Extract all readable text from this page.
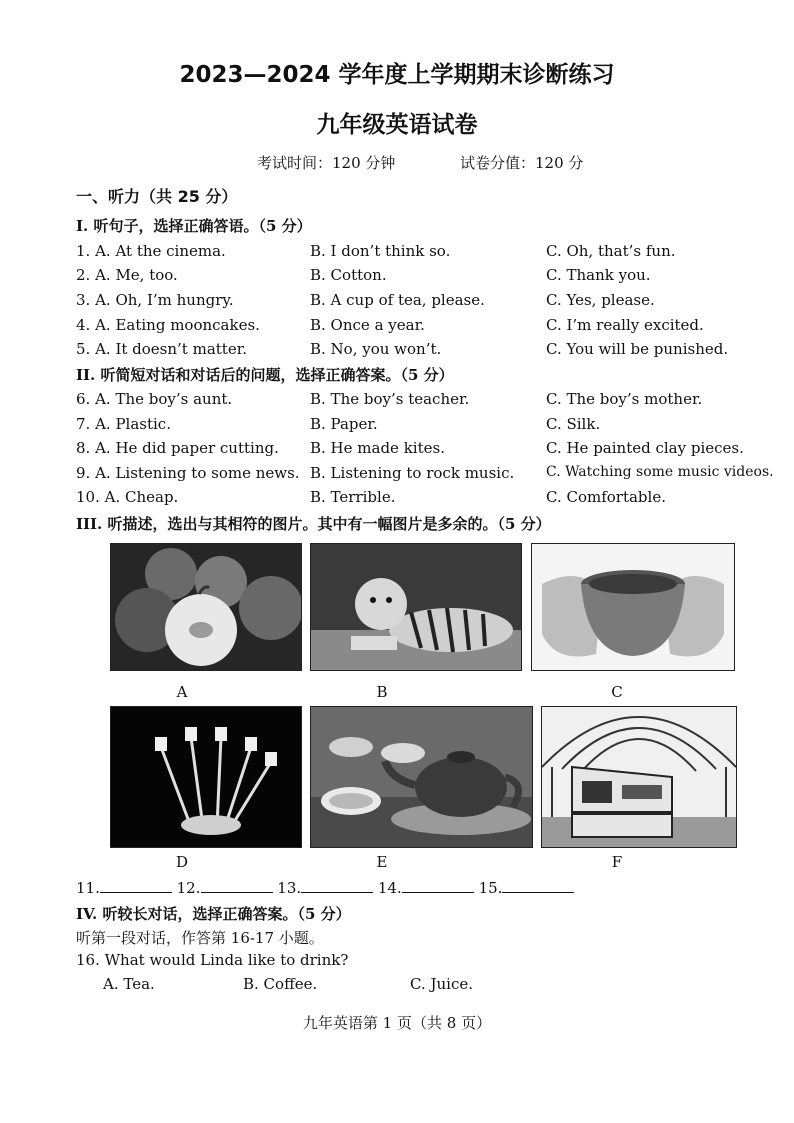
2023—2024 学年度上学期期末诊断练习
九年级英语试卷
考试时间：120 分钟	试卷分值：120 分
一、听力（共 25 分）
I. 听句子，选择正确答语。（5 分）
1. A. At the cinema.	B. I don’t think so.	C. Oh, that’s fun.
2. A. Me, too.	B. Cotton.	C. Thank you.
3. A. Oh, I’m hungry.	B. A cup of tea, please.	C. Yes, please.
4. A. Eating mooncakes.	B. Once a year.	C. I’m really excited.
5. A. It doesn’t matter.	B. No, you won’t.	C. You will be punished.
II. 听简短对话和对话后的问题，选择正确答案。（5 分）
6. A. The boy’s aunt.	B. The boy’s teacher.	C. The boy’s mother.
7. A. Plastic.	B. Paper.	C. Silk.
8. A. He did paper cutting. B. He made kites.	C. He painted clay pieces.
9. A. Listening to some news. B. Listening to rock music. C. Watching some music videos.
10. A. Cheap.	B. Terrible.	C. Comfortable.
III. 听描述，选出与其相符的图片。其中有一幅图片是多余的。（5 分）
A	B	C
D	E	F
11.	12.	13.	14.	15.
IV. 听较长对话，选择正确答案。（5 分）
听第一段对话，作答第 16-17 小题。
16. What would Linda like to drink?
A. Tea.	B. Coffee.	C. Juice.
九年英语第 1 页（共 8 页）
